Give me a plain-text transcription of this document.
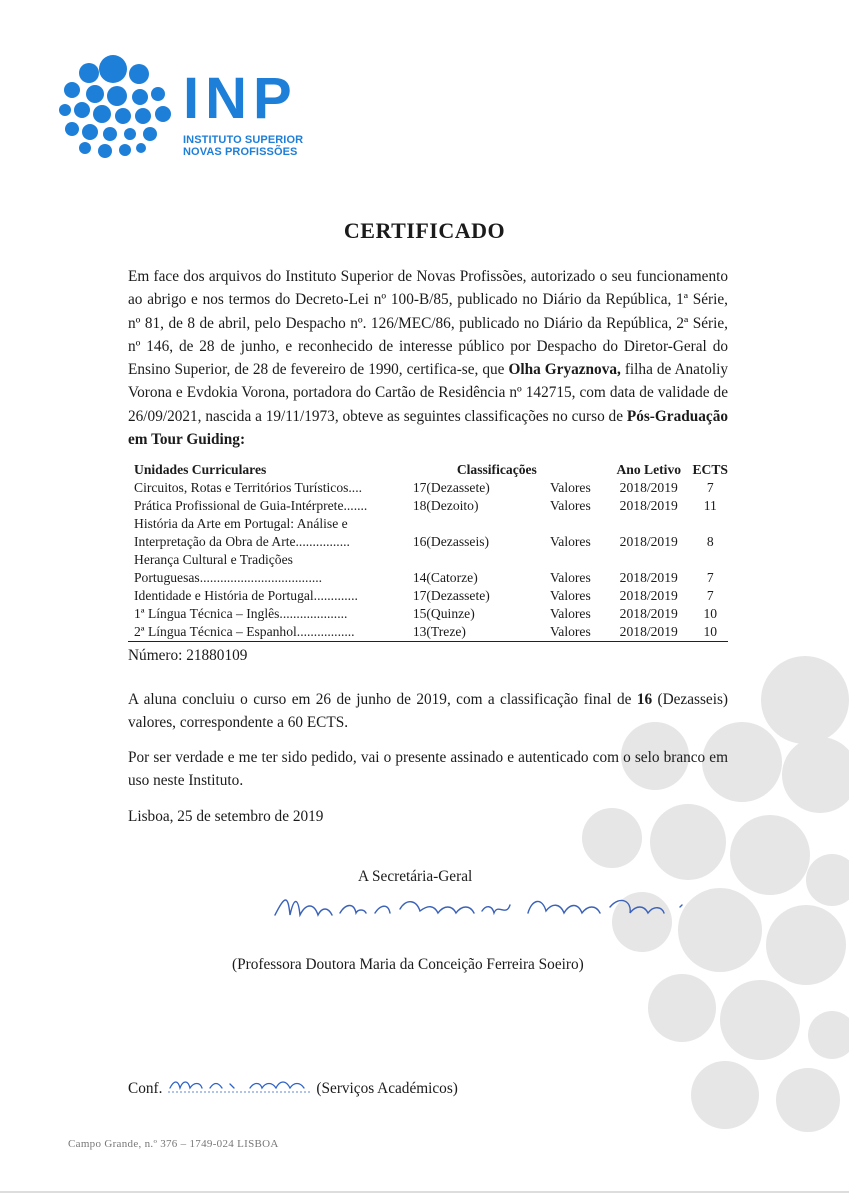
INP
INSTITUTO SUPERIOR
NOVAS PROFISSÕES
CERTIFICADO
Em face dos arquivos do Instituto Superior de Novas Profissões, autorizado o seu funcionamento ao abrigo e nos termos do Decreto-Lei nº 100-B/85, publicado no Diário da República, 1ª Série, nº 81, de 8 de abril, pelo Despacho nº. 126/MEC/86, publicado no Diário da República, 2ª Série, nº 146, de 28 de junho, e reconhecido de interesse público por Despacho do Diretor-Geral do Ensino Superior, de 28 de fevereiro de 1990, certifica-se, que Olha Gryaznova, filha de Anatoliy Vorona e Evdokia Vorona, portadora do Cartão de Residência nº 142715, com data de validade de 26/09/2021, nascida a 19/11/1973, obteve as seguintes classificações no curso de Pós-Graduação em Tour Guiding:
Unidades Curriculares	Classificações		Ano Letivo	ECTS
Circuitos, Rotas e Territórios Turísticos....	17(Dezassete)	Valores	2018/2019	7
Prática Profissional de Guia-Intérprete.......	18(Dezoito)	Valores	2018/2019	11
História da Arte em Portugal: Análise e				
Interpretação da Obra de Arte................	16(Dezasseis)	Valores	2018/2019	8
Herança Cultural e Tradições				
Portuguesas....................................	14(Catorze)	Valores	2018/2019	7
Identidade e História de Portugal.............	17(Dezassete)	Valores	2018/2019	7
1ª Língua Técnica – Inglês....................	15(Quinze)	Valores	2018/2019	10
2ª Língua Técnica – Espanhol.................	13(Treze)	Valores	2018/2019	10
Número: 21880109
A aluna concluiu o curso em 26 de junho de 2019, com a classificação final de 16 (Dezasseis) valores, correspondente a 60 ECTS.
Por ser verdade e me ter sido pedido, vai o presente assinado e autenticado com o selo branco em uso neste Instituto.
Lisboa, 25 de setembro de 2019
A Secretária-Geral
(Professora Doutora Maria da Conceição Ferreira Soeiro)
Conf.	(Serviços Académicos)
Campo Grande, n.º 376 – 1749-024 LISBOA
